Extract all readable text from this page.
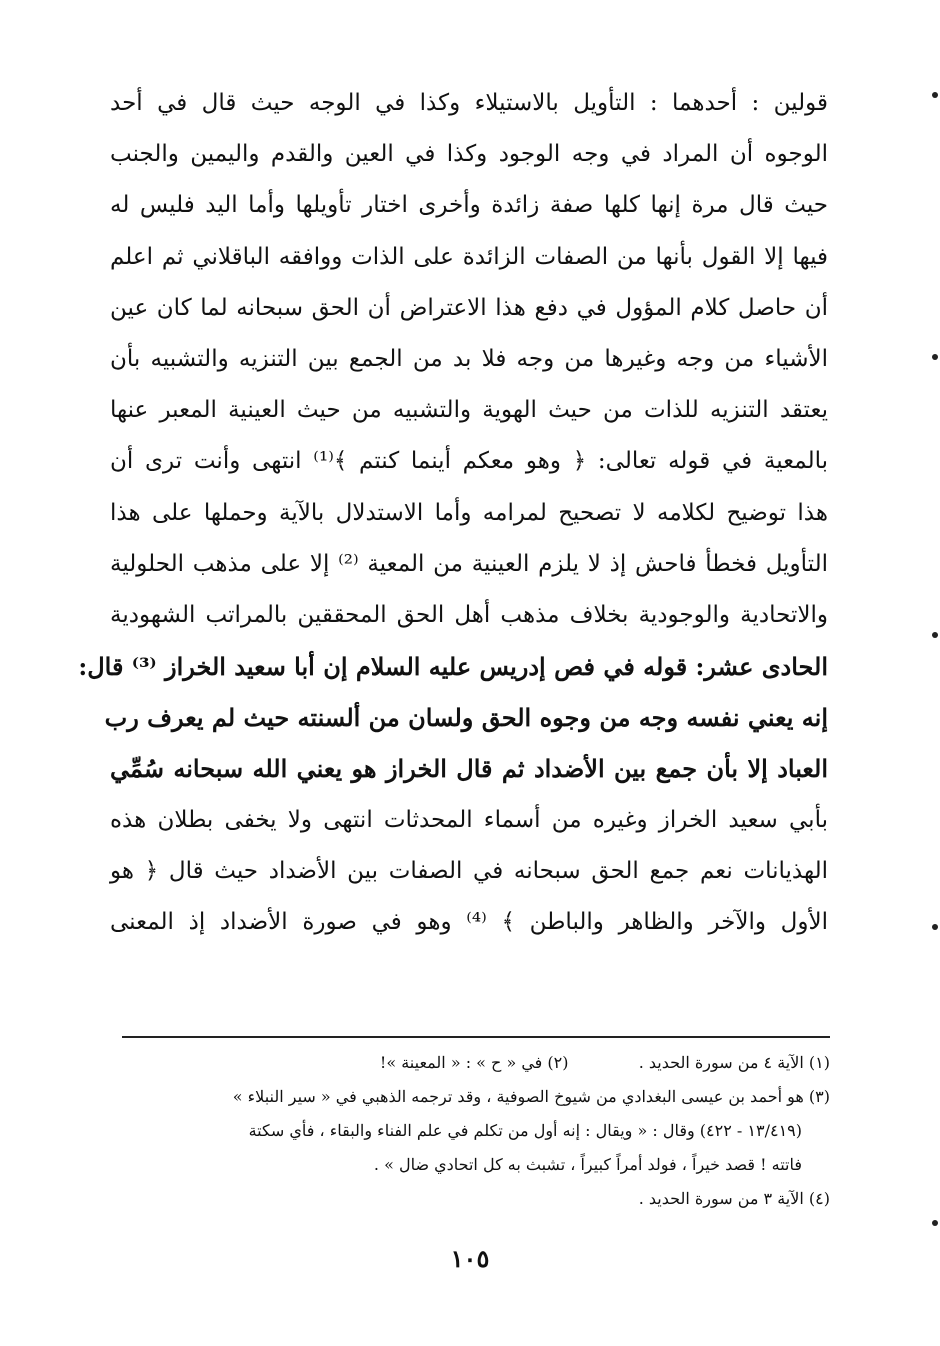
قولين : أحدهما : التأويل بالاستيلاء وكذا في الوجه حيث قال في أحد
الوجوه أن المراد في وجه الوجود وكذا في العين والقدم واليمين والجنب
حيث قال مرة إنها كلها صفة زائدة وأخرى اختار تأويلها وأما اليد فليس له
فيها إلا القول بأنها من الصفات الزائدة على الذات ووافقه الباقلاني ثم اعلم
أن حاصل كلام المؤول في دفع هذا الاعتراض أن الحق سبحانه لما كان عين
الأشياء من وجه وغيرها من وجه فلا بد من الجمع بين التنزيه والتشبيه بأن
يعتقد التنزيه للذات من حيث الهوية والتشبيه من حيث العينية المعبر عنها
بالمعية في قوله تعالى: ﴿ وهو معكم أينما كنتم ﴾⁽¹⁾ انتهى وأنت ترى أن
هذا توضيح لكلامه لا تصحيح لمرامه وأما الاستدلال بالآية وحملها على هذا
التأويل فخطأ فاحش إذ لا يلزم العينية من المعية ⁽²⁾ إلا على مذهب الحلولية
والاتحادية والوجودية بخلاف مذهب أهل الحق المحققين بالمراتب الشهودية
الحادى عشر: قوله في فص إدريس عليه السلام إن أبا سعيد الخراز ⁽³⁾ قال:
إنه يعني نفسه وجه من وجوه الحق ولسان من ألسنته حيث لم يعرف رب
العباد إلا بأن جمع بين الأضداد ثم قال الخراز هو يعني الله سبحانه سُمِّي
بأبي سعيد الخراز وغيره من أسماء المحدثات انتهى ولا يخفى بطلان هذه
الهذيانات نعم جمع الحق سبحانه في الصفات بين الأضداد حيث قال ﴿ هو
الأول والآخر والظاهر والباطن ﴾ ⁽⁴⁾ وهو في صورة الأضداد إذ المعنى
(١) الآية ٤ من سورة الحديد .  (٢) في « ح » : « المعينة »!
(٣) هو أحمد بن عيسى البغدادي من شيوخ الصوفية ، وقد ترجمه الذهبي في « سير النبلاء »
(١٣/٤١٩ - ٤٢٢) وقال : « ويقال : إنه أول من تكلم في علم الفناء والبقاء ، فأي سكتة
فاتته ! قصد خيراً ، فولد أمراً كبيراً ، تشبث به كل اتحادي ضال » .
(٤) الآية ٣ من سورة الحديد .
١٠٥
